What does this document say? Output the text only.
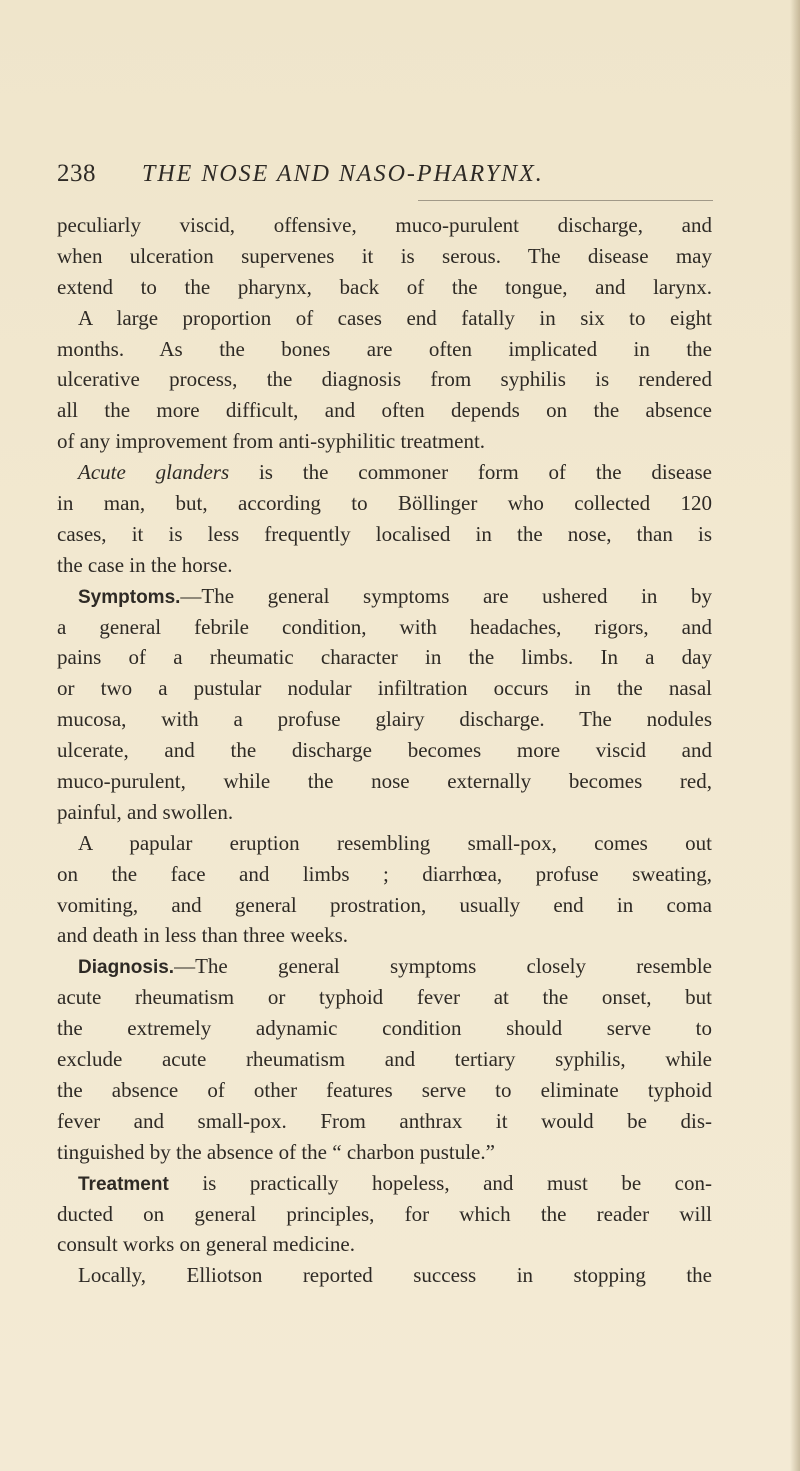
238 THE NOSE AND NASO-PHARYNX.
peculiarly viscid, offensive, muco-purulent discharge, and
when ulceration supervenes it is serous. The disease may
extend to the pharynx, back of the tongue, and larynx.
A large proportion of cases end fatally in six to eight
months. As the bones are often implicated in the
ulcerative process, the diagnosis from syphilis is rendered
all the more difficult, and often depends on the absence
of any improvement from anti-syphilitic treatment.
Acute glanders is the commoner form of the disease
in man, but, according to Böllinger who collected 120
cases, it is less frequently localised in the nose, than is
the case in the horse.
Symptoms.—The general symptoms are ushered in by
a general febrile condition, with headaches, rigors, and
pains of a rheumatic character in the limbs. In a day
or two a pustular nodular infiltration occurs in the nasal
mucosa, with a profuse glairy discharge. The nodules
ulcerate, and the discharge becomes more viscid and
muco-purulent, while the nose externally becomes red,
painful, and swollen.
A papular eruption resembling small-pox, comes out
on the face and limbs ; diarrhœa, profuse sweating,
vomiting, and general prostration, usually end in coma
and death in less than three weeks.
Diagnosis.—The general symptoms closely resemble
acute rheumatism or typhoid fever at the onset, but
the extremely adynamic condition should serve to
exclude acute rheumatism and tertiary syphilis, while
the absence of other features serve to eliminate typhoid
fever and small-pox. From anthrax it would be dis-
tinguished by the absence of the “ charbon pustule.”
Treatment is practically hopeless, and must be con-
ducted on general principles, for which the reader will
consult works on general medicine.
Locally, Elliotson reported success in stopping the
